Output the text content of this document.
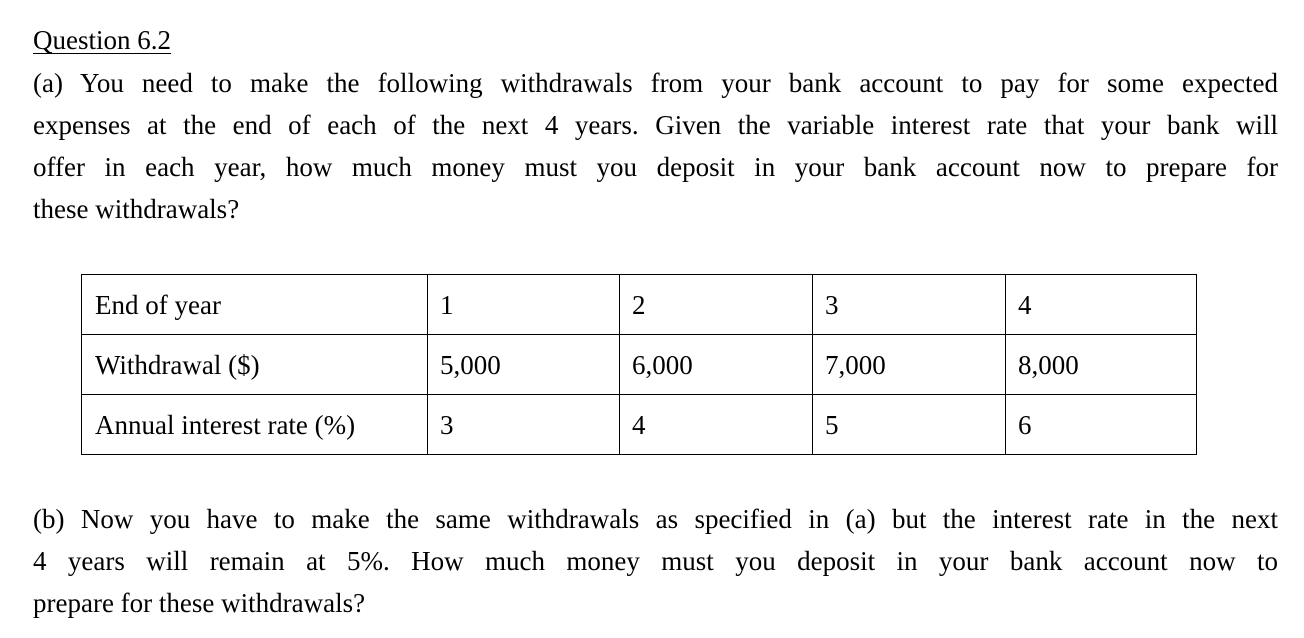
Question 6.2
(a) You need to make the following withdrawals from your bank account to pay for some expected
expenses at the end of each of the next 4 years. Given the variable interest rate that your bank will
offer in each year, how much money must you deposit in your bank account now to prepare for
these withdrawals?
End of year	1	2	3	4
Withdrawal ($)	5,000	6,000	7,000	8,000
Annual interest rate (%)	3	4	5	6
(b) Now you have to make the same withdrawals as specified in (a) but the interest rate in the next
4 years will remain at 5%. How much money must you deposit in your bank account now to
prepare for these withdrawals?
